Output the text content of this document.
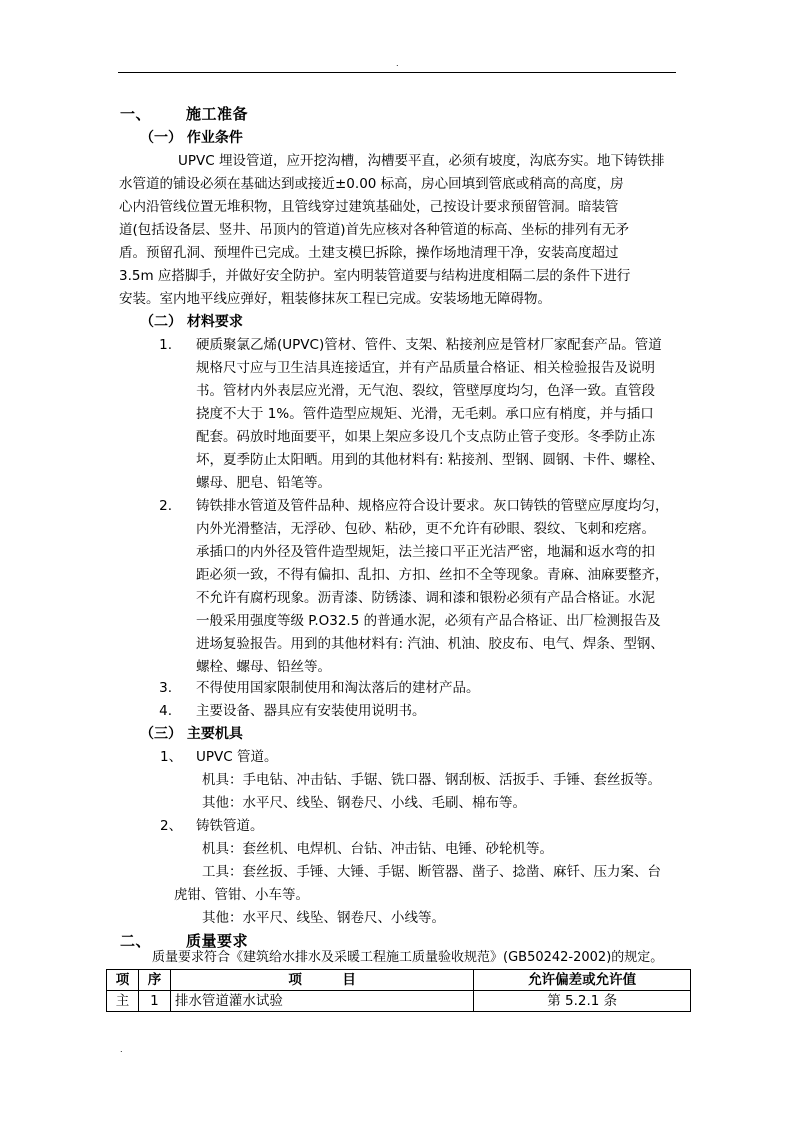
.
一、 施工准备
（一） 作业条件
UPVC 埋设管道，应开挖沟槽，沟槽要平直，必须有坡度，沟底夯实。地下铸铁排
水管道的铺设必须在基础达到或接近±0.00 标高，房心回填到管底或稍高的高度，房
心内沿管线位置无堆积物，且管线穿过建筑基础处，己按设计要求预留管洞。暗装管
道(包括设备层、竖井、吊顶内的管道)首先应核对各种管道的标高、坐标的排列有无矛
盾。预留孔洞、预埋件已完成。土建支模巳拆除，操作场地清理干净，安装高度超过
3.5m 应搭脚手，并做好安全防护。室内明装管道要与结构进度相隔二层的条件下进行
安装。室内地平线应弹好，粗装修抹灰工程已完成。安装场地无障碍物。
（二） 材料要求
1. 硬质聚氯乙烯(UPVC)管材、管件、支架、粘接剂应是管材厂家配套产品。管道
规格尺寸应与卫生洁具连接适宜，并有产品质量合格证、相关检验报告及说明
书。管材内外表层应光滑，无气泡、裂纹，管壁厚度均匀，色泽一致。直管段
挠度不大于 1%。管件造型应规矩、光滑，无毛刺。承口应有梢度，并与插口
配套。码放时地面要平，如果上架应多设几个支点防止管子变形。冬季防止冻
坏，夏季防止太阳晒。用到的其他材料有: 粘接剂、型钢、圆钢、卡件、螺栓、
螺母、肥皂、铅笔等。
2. 铸铁排水管道及管件品种、规格应符合设计要求。灰口铸铁的管壁应厚度均匀，
内外光滑整洁，无浮砂、包砂、粘砂，更不允许有砂眼、裂纹、飞刺和疙瘩。
承插口的内外径及管件造型规矩，法兰接口平正光洁严密，地漏和返水弯的扣
距必须一致，不得有偏扣、乱扣、方扣、丝扣不全等现象。青麻、油麻要整齐，
不允许有腐朽现象。沥青漆、防锈漆、调和漆和银粉必须有产品合格证。水泥
一般采用强度等级 P.O32.5 的普通水泥，必须有产品合格证、出厂检测报告及
进场复验报告。用到的其他材料有: 汽油、机油、胶皮布、电气、焊条、型钢、
螺栓、螺母、铅丝等。
3. 不得使用国家限制使用和淘汰落后的建材产品。
4. 主要设备、器具应有安装使用说明书。
（三） 主要机具
1、 UPVC 管道。
机具：手电钻、冲击钻、手锯、铣口器、钢刮板、活扳手、手锤、套丝扳等。
其他：水平尺、线坠、钢卷尺、小线、毛刷、棉布等。
2、 铸铁管道。
机具：套丝机、电焊机、台钻、冲击钻、电锤、砂轮机等。
工具：套丝扳、手锤、大锤、手锯、断管器、凿子、捻凿、麻钎、压力案、台
虎钳、管钳、小车等。
其他：水平尺、线坠、钢卷尺、小线等。
二、 质量要求
质量要求符合《建筑给水排水及采暖工程施工质量验收规范》(GB50242-2002)的规定。
项	序	项　　　目	允许偏差或允许值
主	1	排水管道灌水试验	第 5.2.1 条
.
